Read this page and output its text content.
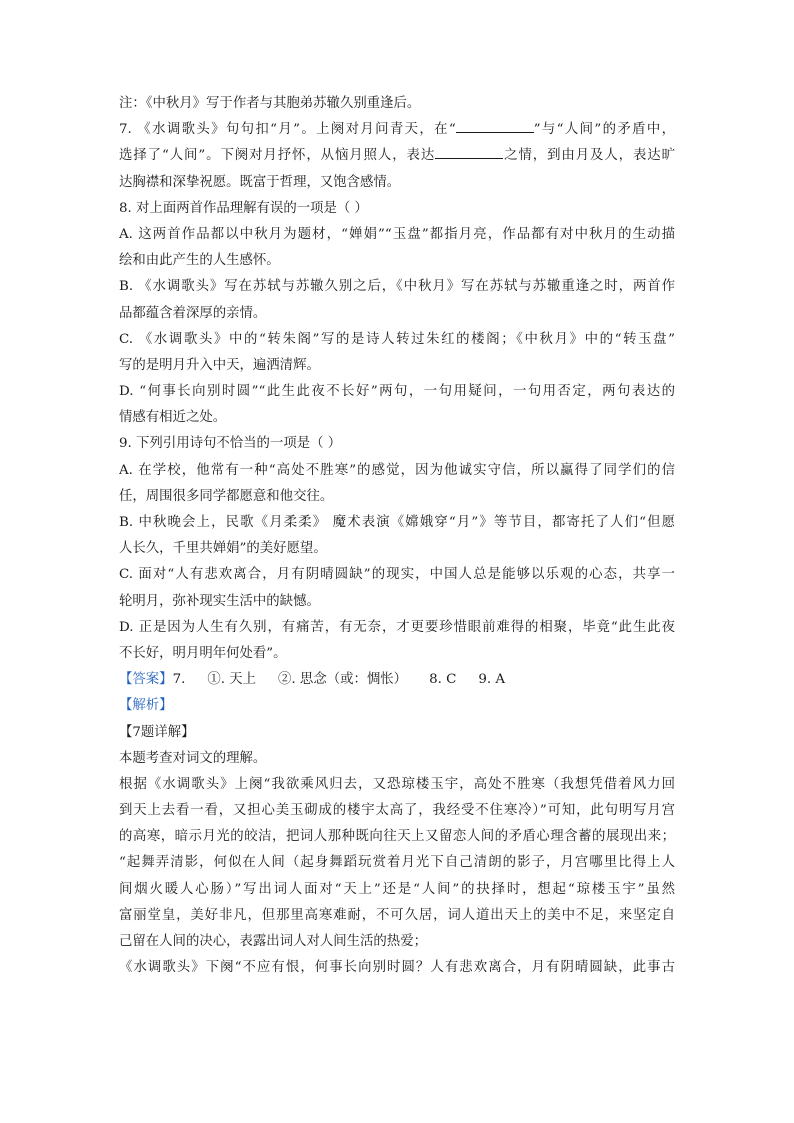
注：《中秋月》写于作者与其胞弟苏辙久别重逢后。
7. 《水调歌头》句句扣“月”。上阕对月问青天，在“	”与“人间”的矛盾中，
选择了“人间”。下阕对月抒怀，从恼月照人，表达	之情，到由月及人，表达旷
达胸襟和深挚祝愿。既富于哲理，又饱含感情。
8. 对上面两首作品理解有误的一项是（ ）
A. 这两首作品都以中秋月为题材，“婵娟”“玉盘”都指月亮，作品都有对中秋月的生动描
绘和由此产生的人生感怀。
B. 《水调歌头》写在苏轼与苏辙久别之后，《中秋月》写在苏轼与苏辙重逢之时，两首作
品都蕴含着深厚的亲情。
C. 《水调歌头》中的“转朱阁”写的是诗人转过朱红的楼阁；《中秋月》中的“转玉盘”
写的是明月升入中天，遍洒清辉。
D. “何事长向别时圆”“此生此夜不长好”两句，一句用疑问，一句用否定，两句表达的
情感有相近之处。
9. 下列引用诗句不恰当的一项是（ ）
A. 在学校，他常有一种“高处不胜寒”的感觉，因为他诚实守信，所以赢得了同学们的信
任，周围很多同学都愿意和他交往。
B. 中秋晚会上，民歌《月柔柔》 魔术表演《嫦娥穿“月”》等节目，都寄托了人们“但愿
人长久，千里共婵娟”的美好愿望。
C. 面对“人有悲欢离合，月有阴晴圆缺”的现实，中国人总是能够以乐观的心态，共享一
轮明月，弥补现实生活中的缺憾。
D. 正是因为人生有久别，有痛苦，有无奈，才更要珍惜眼前难得的相聚，毕竟“此生此夜
不长好，明月明年何处看”。
【答案】7. ①. 天上 ②. 思念（或：惆怅） 8. C 9. A
【解析】
【7题详解】
本题考查对词文的理解。
根据《水调歌头》上阕“我欲乘风归去，又恐琼楼玉宇，高处不胜寒（我想凭借着风力回
到天上去看一看，又担心美玉砌成的楼宇太高了，我经受不住寒冷）”可知，此句明写月宫
的高寒，暗示月光的皎洁，把词人那种既向往天上又留恋人间的矛盾心理含蓄的展现出来；
“起舞弄清影，何似在人间（起身舞蹈玩赏着月光下自己清朗的影子，月宫哪里比得上人
间烟火暖人心肠）”写出词人面对“天上”还是“人间”的抉择时，想起“琼楼玉宇”虽然
富丽堂皇，美好非凡，但那里高寒难耐，不可久居，词人道出天上的美中不足，来坚定自
己留在人间的决心，表露出词人对人间生活的热爱；
《水调歌头》下阕“不应有恨，何事长向别时圆？人有悲欢离合，月有阴晴圆缺，此事古
